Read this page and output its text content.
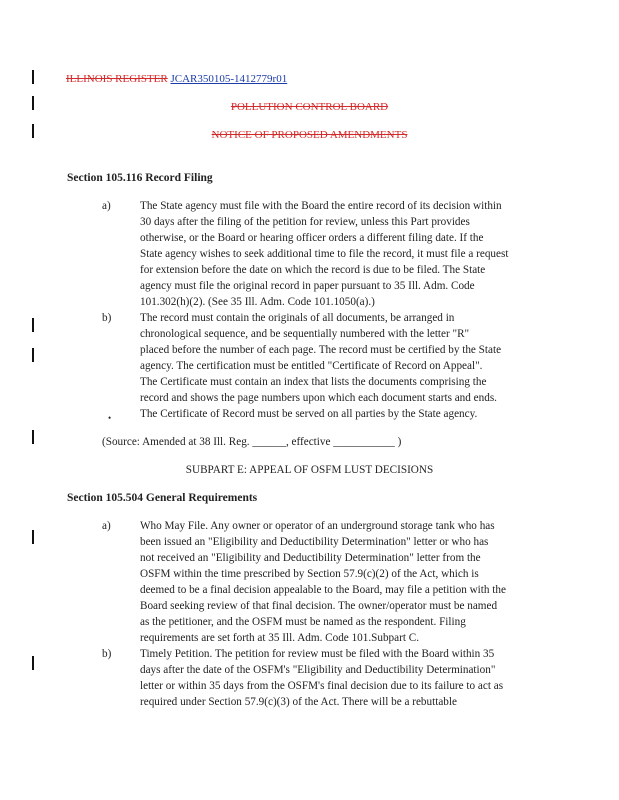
ILLINOIS REGISTER JCAR350105-1412779r01
POLLUTION CONTROL BOARD
NOTICE OF PROPOSED AMENDMENTS
Section 105.116 Record Filing
a)	The State agency must file with the Board the entire record of its decision within
30 days after the filing of the petition for review, unless this Part provides
otherwise, or the Board or hearing officer orders a different filing date. If the
State agency wishes to seek additional time to file the record, it must file a request
for extension before the date on which the record is due to be filed. The State
agency must file the original record in paper pursuant to 35 Ill. Adm. Code
101.302(h)(2). (See 35 Ill. Adm. Code 101.1050(a).)
b)	The record must contain the originals of all documents, be arranged in
chronological sequence, and be sequentially numbered with the letter "R"
placed before the number of each page. The record must be certified by the State
agency. The certification must be entitled "Certificate of Record on Appeal".
The Certificate must contain an index that lists the documents comprising the
record and shows the page numbers upon which each document starts and ends.
The Certificate of Record must be served on all parties by the State agency.
•
(Source: Amended at 38 Ill. Reg. ______, effective ___________ )
SUBPART E: APPEAL OF OSFM LUST DECISIONS
Section 105.504 General Requirements
a)	Who May File. Any owner or operator of an underground storage tank who has
been issued an "Eligibility and Deductibility Determination" letter or who has
not received an "Eligibility and Deductibility Determination" letter from the
OSFM within the time prescribed by Section 57.9(c)(2) of the Act, which is
deemed to be a final decision appealable to the Board, may file a petition with the
Board seeking review of that final decision. The owner/operator must be named
as the petitioner, and the OSFM must be named as the respondent. Filing
requirements are set forth at 35 Ill. Adm. Code 101.Subpart C.
b)	Timely Petition. The petition for review must be filed with the Board within 35
days after the date of the OSFM's "Eligibility and Deductibility Determination"
letter or within 35 days from the OSFM's final decision due to its failure to act as
required under Section 57.9(c)(3) of the Act. There will be a rebuttable
